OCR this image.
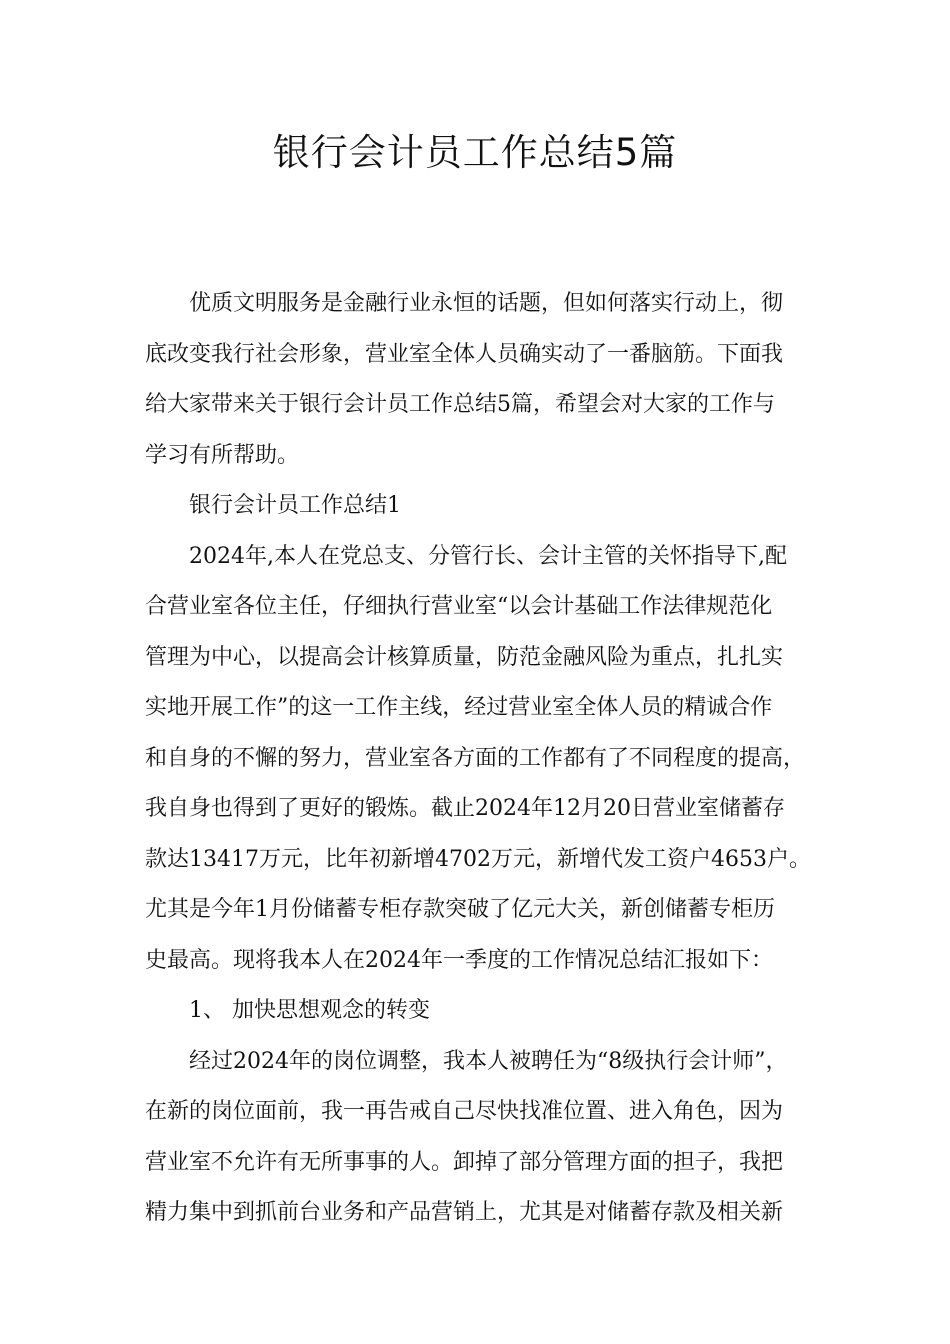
银行会计员工作总结5篇
优质文明服务是金融行业永恒的话题，但如何落实行动上，彻
底改变我行社会形象，营业室全体人员确实动了一番脑筋。下面我
给大家带来关于银行会计员工作总结5篇，希望会对大家的工作与
学习有所帮助。
银行会计员工作总结1
2024年,本人在党总支、分管行长、会计主管的关怀指导下,配
合营业室各位主任，仔细执行营业室“以会计基础工作法律规范化
管理为中心，以提高会计核算质量，防范金融风险为重点，扎扎实
实地开展工作”的这一工作主线，经过营业室全体人员的精诚合作
和自身的不懈的努力，营业室各方面的工作都有了不同程度的提高，
我自身也得到了更好的锻炼。截止2024年12月20日营业室储蓄存
款达13417万元，比年初新增4702万元，新增代发工资户4653户。
尤其是今年1月份储蓄专柜存款突破了亿元大关，新创储蓄专柜历
史最高。现将我本人在2024年一季度的工作情况总结汇报如下：
1、 加快思想观念的转变
经过2024年的岗位调整，我本人被聘任为“8级执行会计师”，
在新的岗位面前，我一再告戒自己尽快找准位置、进入角色，因为
营业室不允许有无所事事的人。卸掉了部分管理方面的担子，我把
精力集中到抓前台业务和产品营销上，尤其是对储蓄存款及相关新
